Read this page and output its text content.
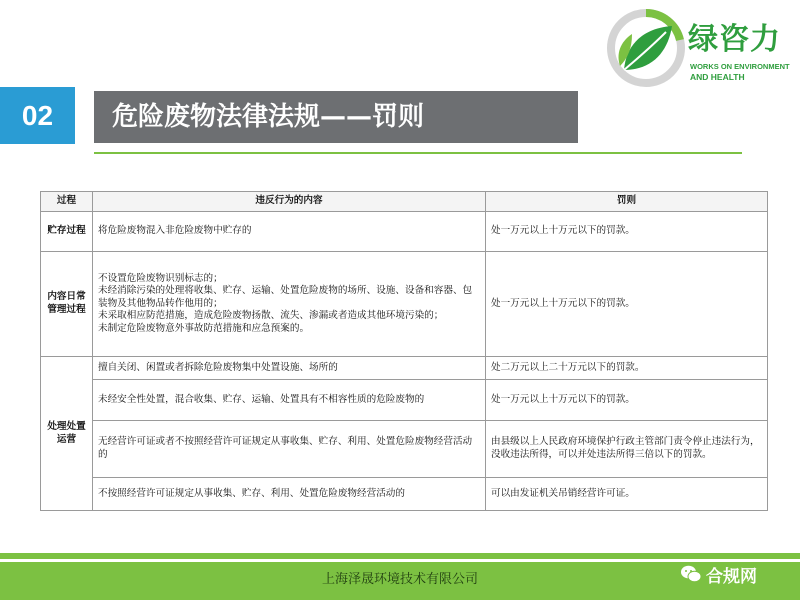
绿咨力
WORKS ON ENVIRONMENT
AND HEALTH
02	危险废物法律法规——罚则
过程	违反行为的内容	罚则
贮存过程	将危险废物混入非危险废物中贮存的	处一万元以上十万元以下的罚款。
内容日常管理过程	不设置危险废物识别标志的；
未经消除污染的处理将收集、贮存、运输、处置危险废物的场所、设施、设备和容器、包装物及其他物品转作他用的；
未采取相应防范措施，造成危险废物扬散、流失、渗漏或者造成其他环境污染的；
未制定危险废物意外事故防范措施和应急预案的。	处一万元以上十万元以下的罚款。
处理处置运营	擅自关闭、闲置或者拆除危险废物集中处置设施、场所的	处二万元以上二十万元以下的罚款。
	未经安全性处置，混合收集、贮存、运输、处置具有不相容性质的危险废物的	处一万元以上十万元以下的罚款。
	无经营许可证或者不按照经营许可证规定从事收集、贮存、利用、处置危险废物经营活动的	由县级以上人民政府环境保护行政主管部门责令停止违法行为，没收违法所得，可以并处违法所得三倍以下的罚款。
	不按照经营许可证规定从事收集、贮存、利用、处置危险废物经营活动的	可以由发证机关吊销经营许可证。
上海泽晟环境技术有限公司	合规网
